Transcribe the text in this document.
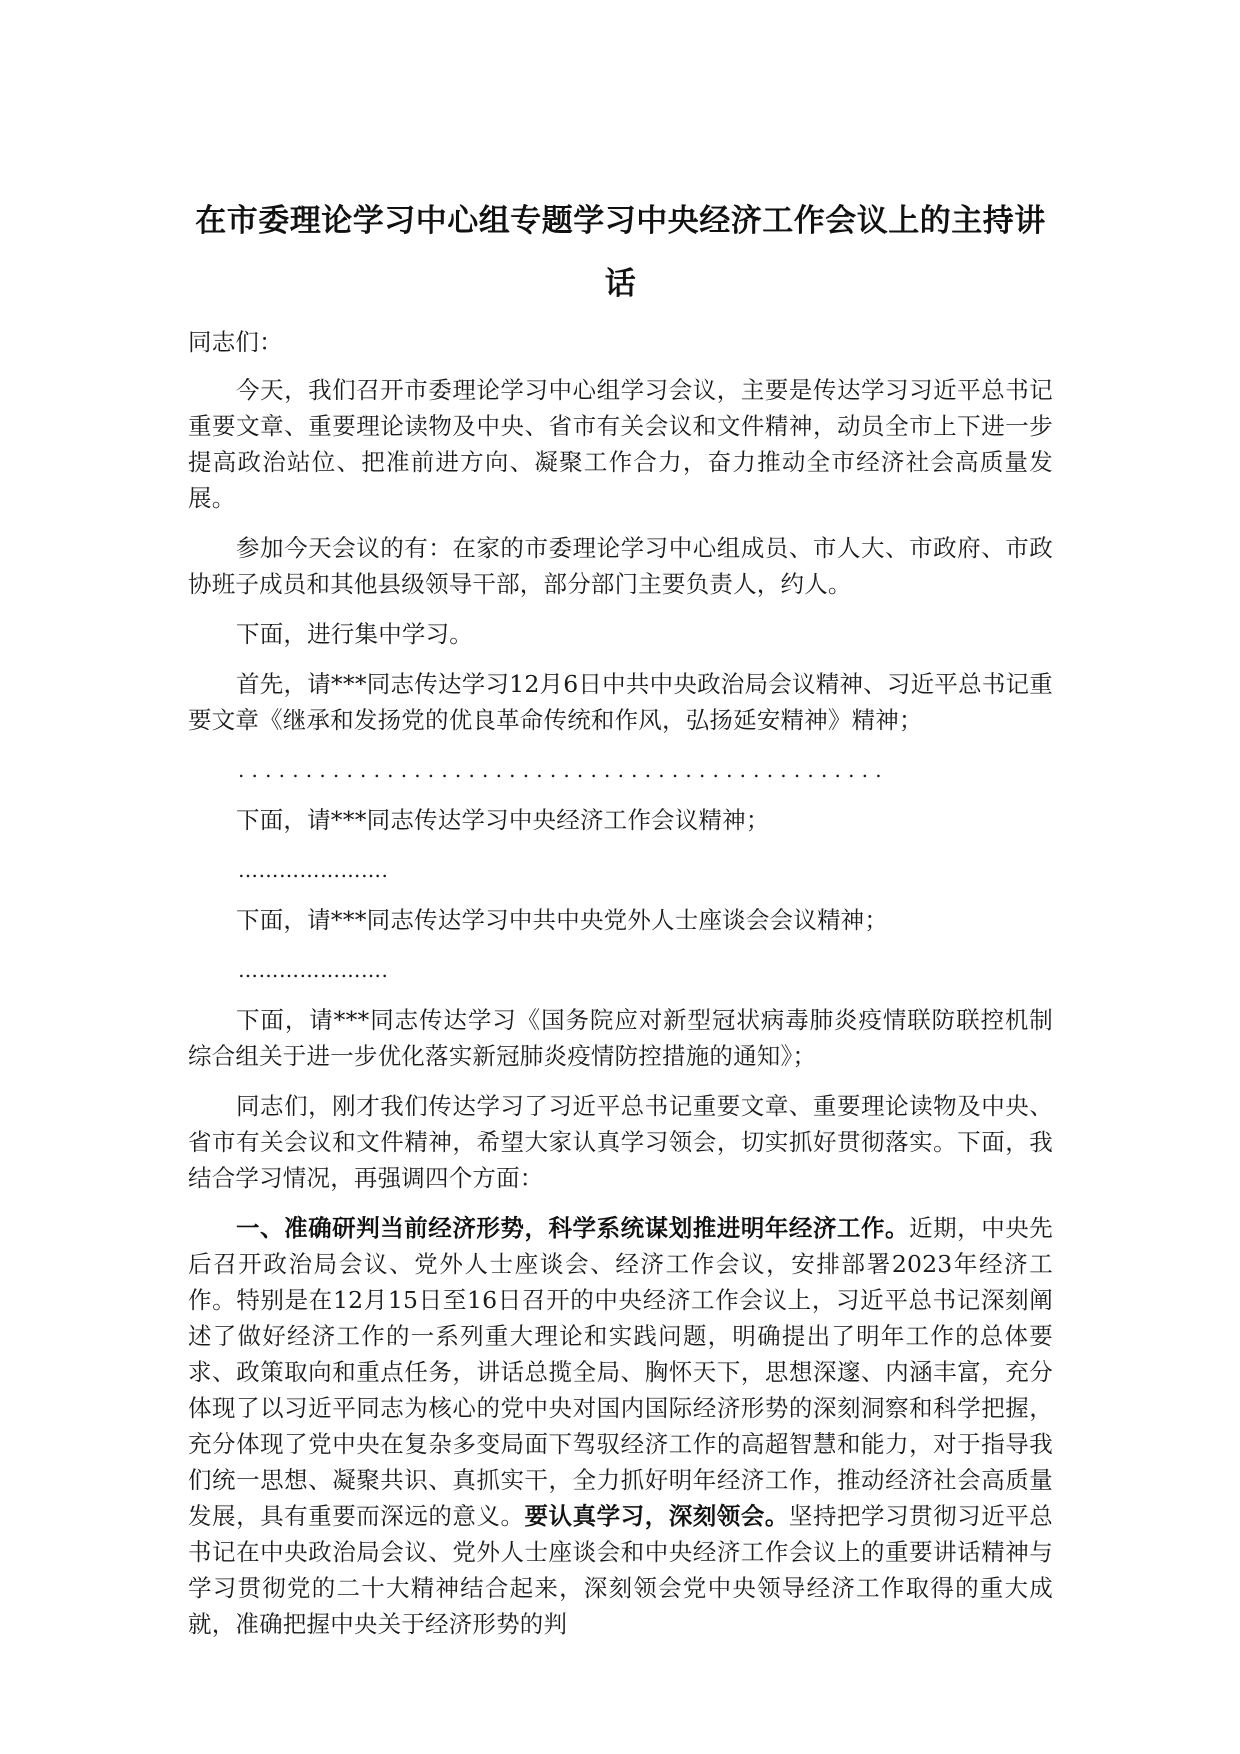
在市委理论学习中心组专题学习中央经济工作会议上的主持讲话
同志们：
今天，我们召开市委理论学习中心组学习会议，主要是传达学习习近平总书记重要文章、重要理论读物及中央、省市有关会议和文件精神，动员全市上下进一步提高政治站位、把准前进方向、凝聚工作合力，奋力推动全市经济社会高质量发展。
参加今天会议的有：在家的市委理论学习中心组成员、市人大、市政府、市政协班子成员和其他县级领导干部，部分部门主要负责人，约人。
下面，进行集中学习。
首先，请***同志传达学习12月6日中共中央政治局会议精神、习近平总书记重要文章《继承和发扬党的优良革命传统和作风，弘扬延安精神》精神；
................................................
下面，请***同志传达学习中央经济工作会议精神；
………………….
下面，请***同志传达学习中共中央党外人士座谈会会议精神；
………………….
下面，请***同志传达学习《国务院应对新型冠状病毒肺炎疫情联防联控机制综合组关于进一步优化落实新冠肺炎疫情防控措施的通知》；
同志们，刚才我们传达学习了习近平总书记重要文章、重要理论读物及中央、省市有关会议和文件精神，希望大家认真学习领会，切实抓好贯彻落实。下面，我结合学习情况，再强调四个方面：
一、准确研判当前经济形势，科学系统谋划推进明年经济工作。近期，中央先后召开政治局会议、党外人士座谈会、经济工作会议，安排部署2023年经济工作。特别是在12月15日至16日召开的中央经济工作会议上，习近平总书记深刻阐述了做好经济工作的一系列重大理论和实践问题，明确提出了明年工作的总体要求、政策取向和重点任务，讲话总揽全局、胸怀天下，思想深邃、内涵丰富，充分体现了以习近平同志为核心的党中央对国内国际经济形势的深刻洞察和科学把握，充分体现了党中央在复杂多变局面下驾驭经济工作的高超智慧和能力，对于指导我们统一思想、凝聚共识、真抓实干，全力抓好明年经济工作，推动经济社会高质量发展，具有重要而深远的意义。要认真学习，深刻领会。坚持把学习贯彻习近平总书记在中央政治局会议、党外人士座谈会和中央经济工作会议上的重要讲话精神与学习贯彻党的二十大精神结合起来，深刻领会党中央领导经济工作取得的重大成就，准确把握中央关于经济形势的判
